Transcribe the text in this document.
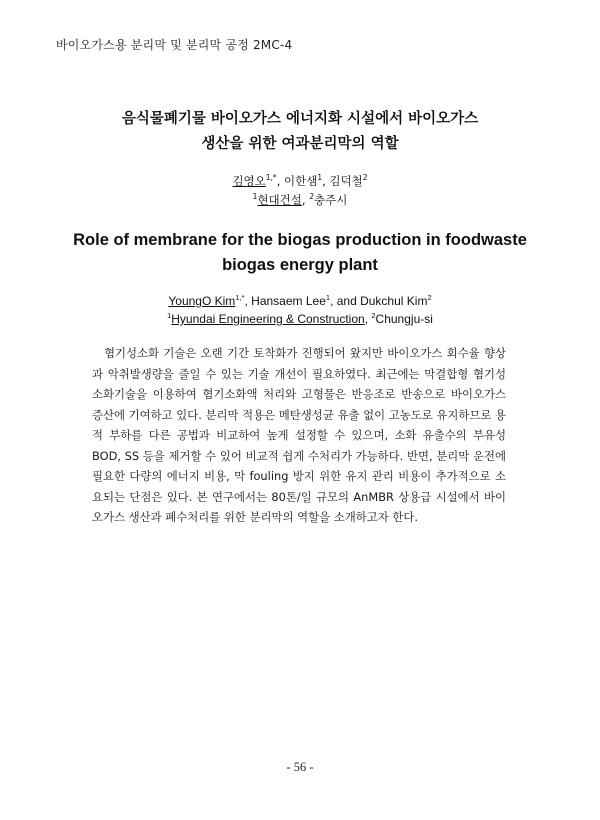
바이오가스용 분리막 및 분리막 공정 2MC-4
음식물폐기물 바이오가스 에너지화 시설에서 바이오가스
생산을 위한 여과분리막의 역할
김영오$^{1,*}$, 이한샘$^1$, 김덕철$^2$
$^1$현대건설, $^2$충주시
Role of membrane for the biogas production in foodwaste
biogas energy plant
YoungO Kim$^{1,*}$, Hansaem Lee$^1$, and Dukchul Kim$^2$
$^1$Hyundai Engineering & Construction, $^2$Chungju-si
혐기성소화 기술은 오랜 기간 토착화가 진행되어 왔지만 바이오가스 회수율 향상과 악취발생량을 줄일 수 있는 기술 개선이 필요하였다. 최근에는 막결합형 혐기성 소화기술을 이용하여 혐기소화액 처리와 고형물은 반응조로 반송으로 바이오가스 증산에 기여하고 있다. 분리막 적용은 메탄생성균 유출 없이 고농도로 유지하므로 용적 부하를 다른 공법과 비교하여 높게 설정할 수 있으며, 소화 유출수의 부유성 BOD, SS 등을 제거할 수 있어 비교적 쉽게 수처리가 가능하다. 반면, 분리막 운전에 필요한 다량의 에너지 비용, 막 fouling 방지 위한 유지 관리 비용이 추가적으로 소요되는 단점은 있다. 본 연구에서는 80톤/일 규모의 AnMBR 상용급 시설에서 바이오가스 생산과 폐수처리를 위한 분리막의 역할을 소개하고자 한다.
- 56 -
